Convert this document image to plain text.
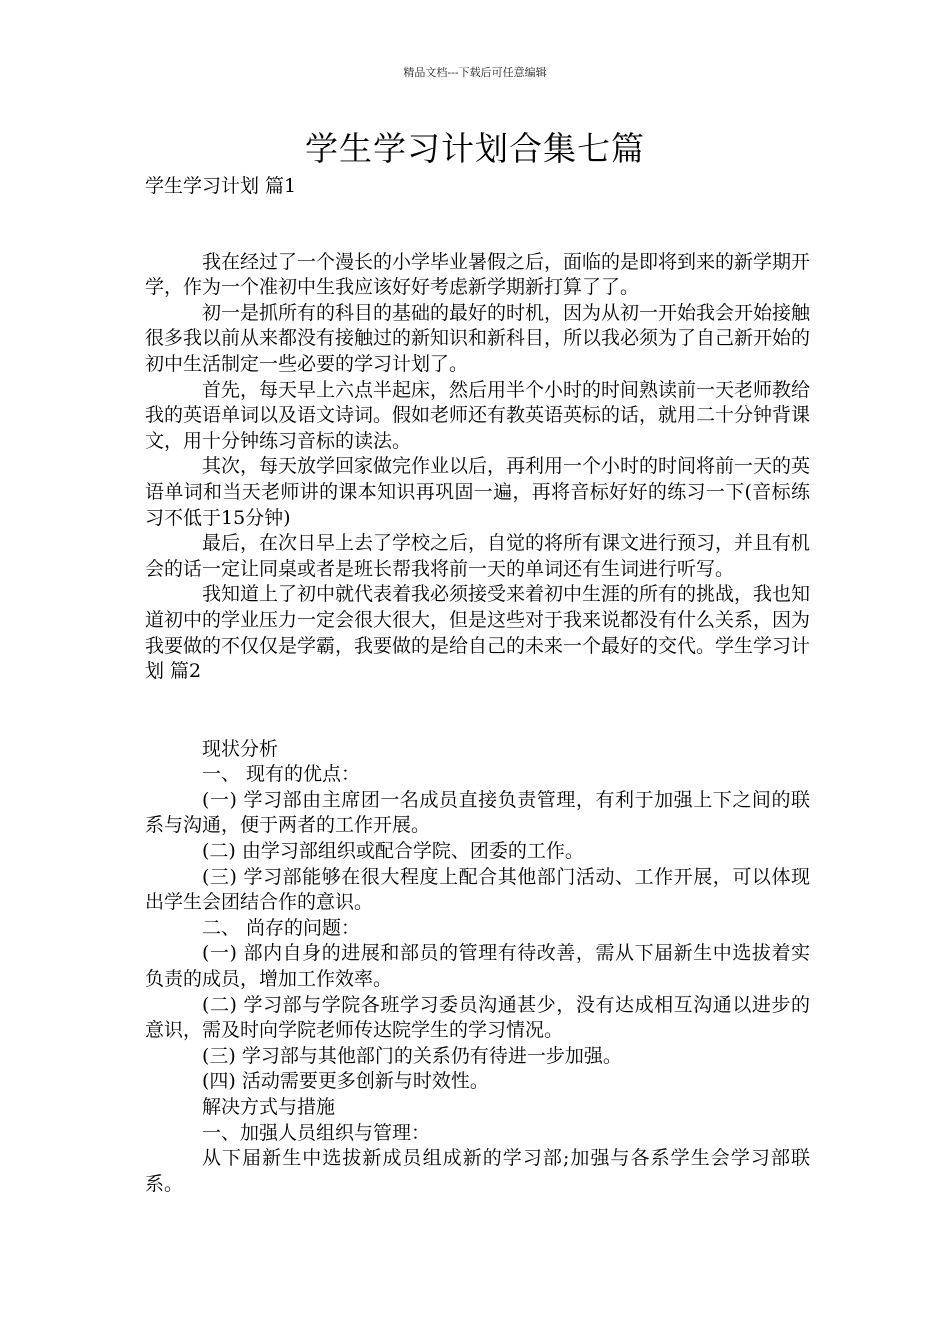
精品文档---下载后可任意编辑
学生学习计划合集七篇

学生学习计划 篇1

我在经过了一个漫长的小学毕业暑假之后，面临的是即将到来的新学期开学，作为一个准初中生我应该好好考虑新学期新打算了了。

初一是抓所有的科目的基础的最好的时机，因为从初一开始我会开始接触很多我以前从来都没有接触过的新知识和新科目，所以我必须为了自己新开始的初中生活制定一些必要的学习计划了。

首先，每天早上六点半起床，然后用半个小时的时间熟读前一天老师教给我的英语单词以及语文诗词。假如老师还有教英语英标的话，就用二十分钟背课文，用十分钟练习音标的读法。

其次，每天放学回家做完作业以后，再利用一个小时的时间将前一天的英语单词和当天老师讲的课本知识再巩固一遍，再将音标好好的练习一下(音标练习不低于15分钟)

最后，在次日早上去了学校之后，自觉的将所有课文进行预习，并且有机会的话一定让同桌或者是班长帮我将前一天的单词还有生词进行听写。

我知道上了初中就代表着我必须接受来着初中生涯的所有的挑战，我也知道初中的学业压力一定会很大很大，但是这些对于我来说都没有什么关系，因为我要做的不仅仅是学霸，我要做的是给自己的未来一个最好的交代。学生学习计划 篇2

现状分析

一、 现有的优点：

(一) 学习部由主席团一名成员直接负责管理，有利于加强上下之间的联系与沟通，便于两者的工作开展。

(二) 由学习部组织或配合学院、团委的工作。

(三) 学习部能够在很大程度上配合其他部门活动、工作开展，可以体现出学生会团结合作的意识。

二、 尚存的问题：

(一) 部内自身的进展和部员的管理有待改善，需从下届新生中选拔着实负责的成员，增加工作效率。

(二) 学习部与学院各班学习委员沟通甚少，没有达成相互沟通以进步的意识，需及时向学院老师传达院学生的学习情况。

(三) 学习部与其他部门的关系仍有待进一步加强。

(四) 活动需要更多创新与时效性。

解决方式与措施

一、加强人员组织与管理：

从下届新生中选拔新成员组成新的学习部;加强与各系学生会学习部联系。
